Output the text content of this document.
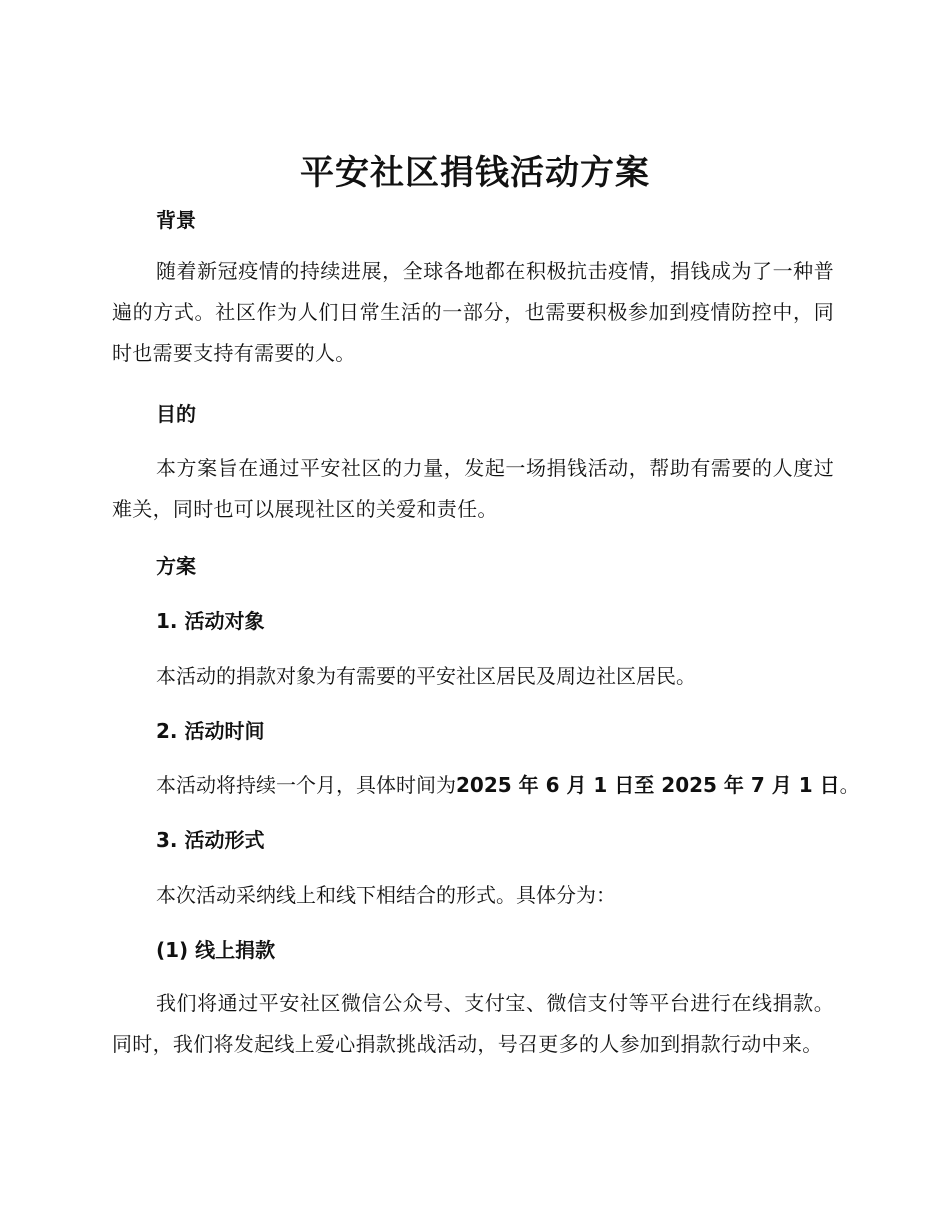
平安社区捐钱活动方案
背景
随着新冠疫情的持续进展，全球各地都在积极抗击疫情，捐钱成为了一种普遍的方式。社区作为人们日常生活的一部分，也需要积极参加到疫情防控中，同时也需要支持有需要的人。
目的
本方案旨在通过平安社区的力量，发起一场捐钱活动，帮助有需要的人度过难关，同时也可以展现社区的关爱和责任。
方案
1. 活动对象
本活动的捐款对象为有需要的平安社区居民及周边社区居民。
2. 活动时间
本活动将持续一个月，具体时间为2025 年 6 月 1 日至 2025 年 7 月 1 日。
3. 活动形式
本次活动采纳线上和线下相结合的形式。具体分为：
(1) 线上捐款
我们将通过平安社区微信公众号、支付宝、微信支付等平台进行在线捐款。同时，我们将发起线上爱心捐款挑战活动，号召更多的人参加到捐款行动中来。
